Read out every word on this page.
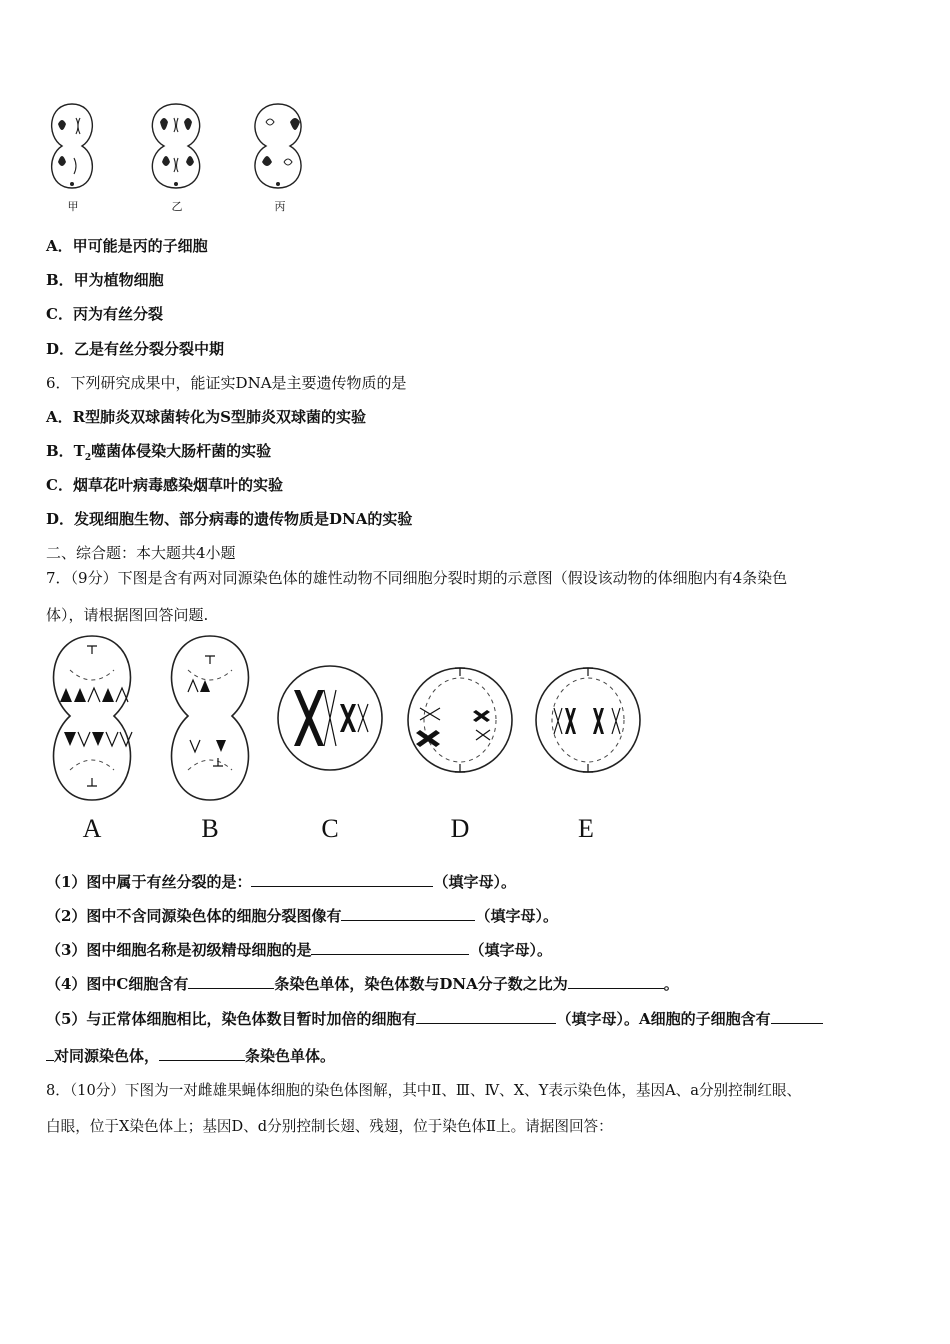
甲	乙	丙
A．甲可能是丙的子细胞
B．甲为植物细胞
C．丙为有丝分裂
D．乙是有丝分裂分裂中期
6．下列研究成果中，能证实DNA是主要遗传物质的是
A．R型肺炎双球菌转化为S型肺炎双球菌的实验
B．$T_2$噬菌体侵染大肠杆菌的实验
C．烟草花叶病毒感染烟草叶的实验
D．发现细胞生物、部分病毒的遗传物质是DNA的实验
二、综合题：本大题共4小题
7．（9分）下图是含有两对同源染色体的雄性动物不同细胞分裂时期的示意图（假设该动物的体细胞内有4条染色
体），请根据图回答问题.
A	B	C	D	E
（1）图中属于有丝分裂的是：	（填字母）。
（2）图中不含同源染色体的细胞分裂图像有	（填字母）。
（3）图中细胞名称是初级精母细胞的是	（填字母）。
（4）图中C细胞含有	条染色单体，染色体数与DNA分子数之比为	。
（5）与正常体细胞相比，染色体数目暂时加倍的细胞有	（填字母）。A细胞的子细胞含有
对同源染色体，	条染色单体。
8．（10分）下图为一对雌雄果蝇体细胞的染色体图解，其中Ⅱ、Ⅲ、Ⅳ、X、Y表示染色体，基因A、a分别控制红眼、
白眼，位于X染色体上；基因D、d分别控制长翅、残翅，位于染色体Ⅱ上。请据图回答：
